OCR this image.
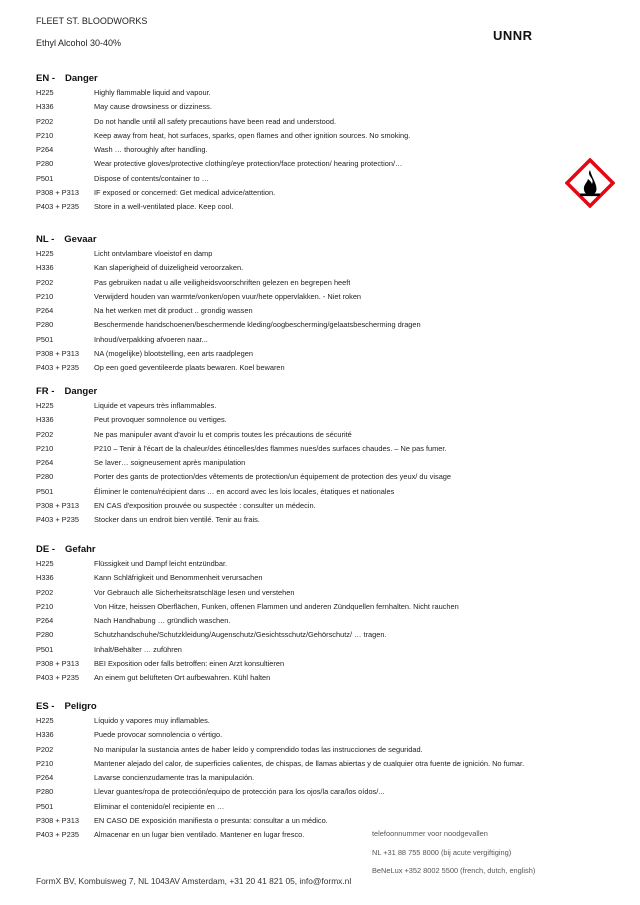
FLEET ST. BLOODWORKS
Ethyl Alcohol 30-40%	UNNR
EN - Danger
H225	Highly flammable liquid and vapour.
H336	May cause drowsiness or dizziness.
P202	Do not handle until all safety precautions have been read and understood.
P210	Keep away from heat, hot surfaces, sparks, open flames and other ignition sources. No smoking.
P264	Wash … thoroughly after handling.
P280	Wear protective gloves/protective clothing/eye protection/face protection/ hearing protection/…
P501	Dispose of contents/container to …
P308 + P313	IF exposed or concerned: Get medical advice/attention.
P403 + P235	Store in a well-ventilated place. Keep cool.
NL - Gevaar
H225	Licht ontvlambare vloeistof en damp
H336	Kan slaperigheid of duizeligheid veroorzaken.
P202	Pas gebruiken nadat u alle veiligheidsvoorschriften gelezen en begrepen heeft
P210	Verwijderd houden van warmte/vonken/open vuur/hete oppervlakken. - Niet roken
P264	Na het werken met dit product .. grondig wassen
P280	Beschermende handschoenen/beschermende kleding/oogbescherming/gelaatsbescherming dragen
P501	Inhoud/verpakking afvoeren naar...
P308 + P313	NA (mogelijke) blootstelling, een arts raadplegen
P403 + P235	Op een goed geventileerde plaats bewaren. Koel bewaren
FR - Danger
H225	Liquide et vapeurs très inflammables.
H336	Peut provoquer somnolence ou vertiges.
P202	Ne pas manipuler avant d'avoir lu et compris toutes les précautions de sécurité
P210	P210 – Tenir à l'écart de la chaleur/des étincelles/des flammes nues/des surfaces chaudes. – Ne pas fumer.
P264	Se laver… soigneusement après manipulation
P280	Porter des gants de protection/des vêtements de protection/un équipement de protection des yeux/ du visage
P501	Éliminer le contenu/récipient dans … en accord avec les lois locales, étatiques et nationales
P308 + P313	EN CAS d'exposition prouvée ou suspectée : consulter un médecin.
P403 + P235	Stocker dans un endroit bien ventilé. Tenir au frais.
DE - Gefahr
H225	Flüssigkeit und Dampf leicht entzündbar.
H336	Kann Schläfrigkeit und Benommenheit verursachen
P202	Vor Gebrauch alle Sicherheitsratschläge lesen und verstehen
P210	Von Hitze, heissen Oberflächen, Funken, offenen Flammen und anderen Zündquellen fernhalten. Nicht rauchen
P264	Nach Handhabung … gründlich waschen.
P280	Schutzhandschuhe/Schutzkleidung/Augenschutz/Gesichtsschutz/Gehörschutz/ … tragen.
P501	Inhalt/Behälter … zuführen
P308 + P313	BEI Exposition oder falls betroffen: einen Arzt konsultieren
P403 + P235	An einem gut belüfteten Ort aufbewahren. Kühl halten
ES - Peligro
H225	Líquido y vapores muy inflamables.
H336	Puede provocar somnolencia o vértigo.
P202	No manipular la sustancia antes de haber leído y comprendido todas las instrucciones de seguridad.
P210	Mantener alejado del calor, de superficies calientes, de chispas, de llamas abiertas y de cualquier otra fuente de ignición. No fumar.
P264	Lavarse concienzudamente tras la manipulación.
P280	Llevar guantes/ropa de protección/equipo de protección para los ojos/la cara/los oídos/...
P501	Eliminar el contenido/el recipiente en …
P308 + P313	EN CASO DE exposición manifiesta o presunta: consultar a un médico.
P403 + P235	Almacenar en un lugar bien ventilado. Mantener en lugar fresco.	telefoonnummer voor noodgevallen
NL +31 88 755 8000 (bij acute vergiftiging)
BeNeLux +352 8002 5500 (french, dutch, english)
FormX BV, Kombuisweg 7, NL 1043AV Amsterdam, +31 20 41 821 05, info@formx.nl
